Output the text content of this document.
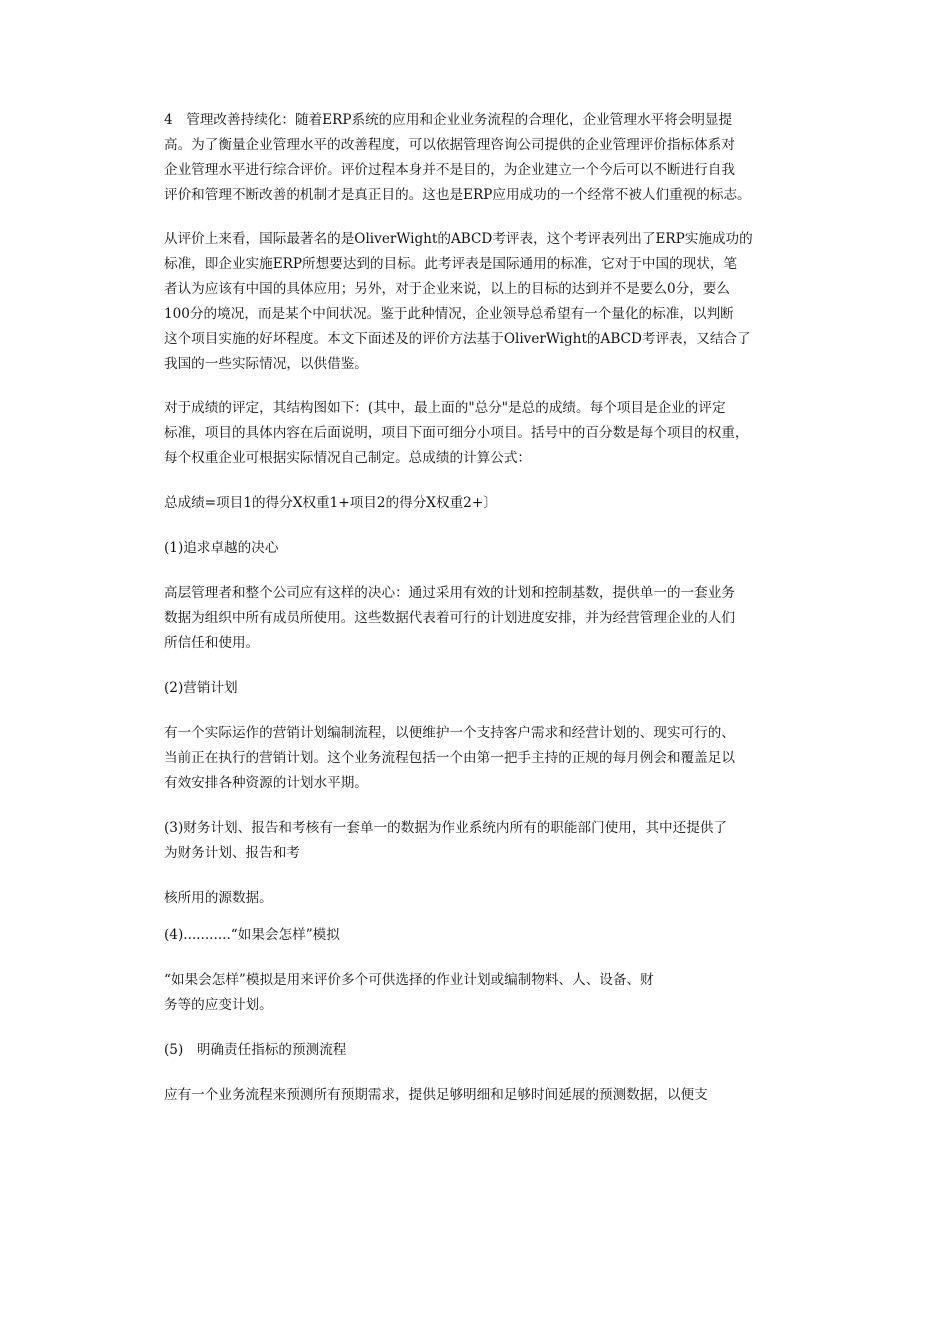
4　管理改善持续化：随着ERP系统的应用和企业业务流程的合理化，企业管理水平将会明显提
高。为了衡量企业管理水平的改善程度，可以依据管理咨询公司提供的企业管理评价指标体系对
企业管理水平进行综合评价。评价过程本身并不是目的，为企业建立一个今后可以不断进行自我
评价和管理不断改善的机制才是真正目的。这也是ERP应用成功的一个经常不被人们重视的标志。

从评价上来看，国际最著名的是OliverWight的ABCD考评表，这个考评表列出了ERP实施成功的
标准，即企业实施ERP所想要达到的目标。此考评表是国际通用的标准，它对于中国的现状，笔
者认为应该有中国的具体应用；另外，对于企业来说，以上的目标的达到并不是要么0分，要么
100分的境况，而是某个中间状况。鉴于此种情况，企业领导总希望有一个量化的标准，以判断
这个项目实施的好坏程度。本文下面述及的评价方法基于OliverWight的ABCD考评表，又结合了
我国的一些实际情况，以供借鉴。

对于成绩的评定，其结构图如下：(其中，最上面的"总分"是总的成绩。每个项目是企业的评定
标准，项目的具体内容在后面说明，项目下面可细分小项目。括号中的百分数是每个项目的权重，
每个权重企业可根据实际情况自己制定。总成绩的计算公式：

总成绩=项目1的得分X权重1+项目2的得分X权重2+〕

(1)追求卓越的决心

高层管理者和整个公司应有这样的决心：通过采用有效的计划和控制基数，提供单一的一套业务
数据为组织中所有成员所使用。这些数据代表着可行的计划进度安排，并为经营管理企业的人们
所信任和使用。

(2)营销计划

有一个实际运作的营销计划编制流程，以便维护一个支持客户需求和经营计划的、现实可行的、
当前正在执行的营销计划。这个业务流程包括一个由第一把手主持的正规的每月例会和覆盖足以
有效安排各种资源的计划水平期。

(3)财务计划、报告和考核有一套单一的数据为作业系统内所有的职能部门使用，其中还提供了
为财务计划、报告和考

核所用的源数据。

(4)...........“如果会怎样”模拟

“如果会怎样”模拟是用来评价多个可供选择的作业计划或编制物料、人、设备、财
务等的应变计划。

(5)　明确责任指标的预测流程

应有一个业务流程来预测所有预期需求，提供足够明细和足够时间延展的预测数据，以便支
